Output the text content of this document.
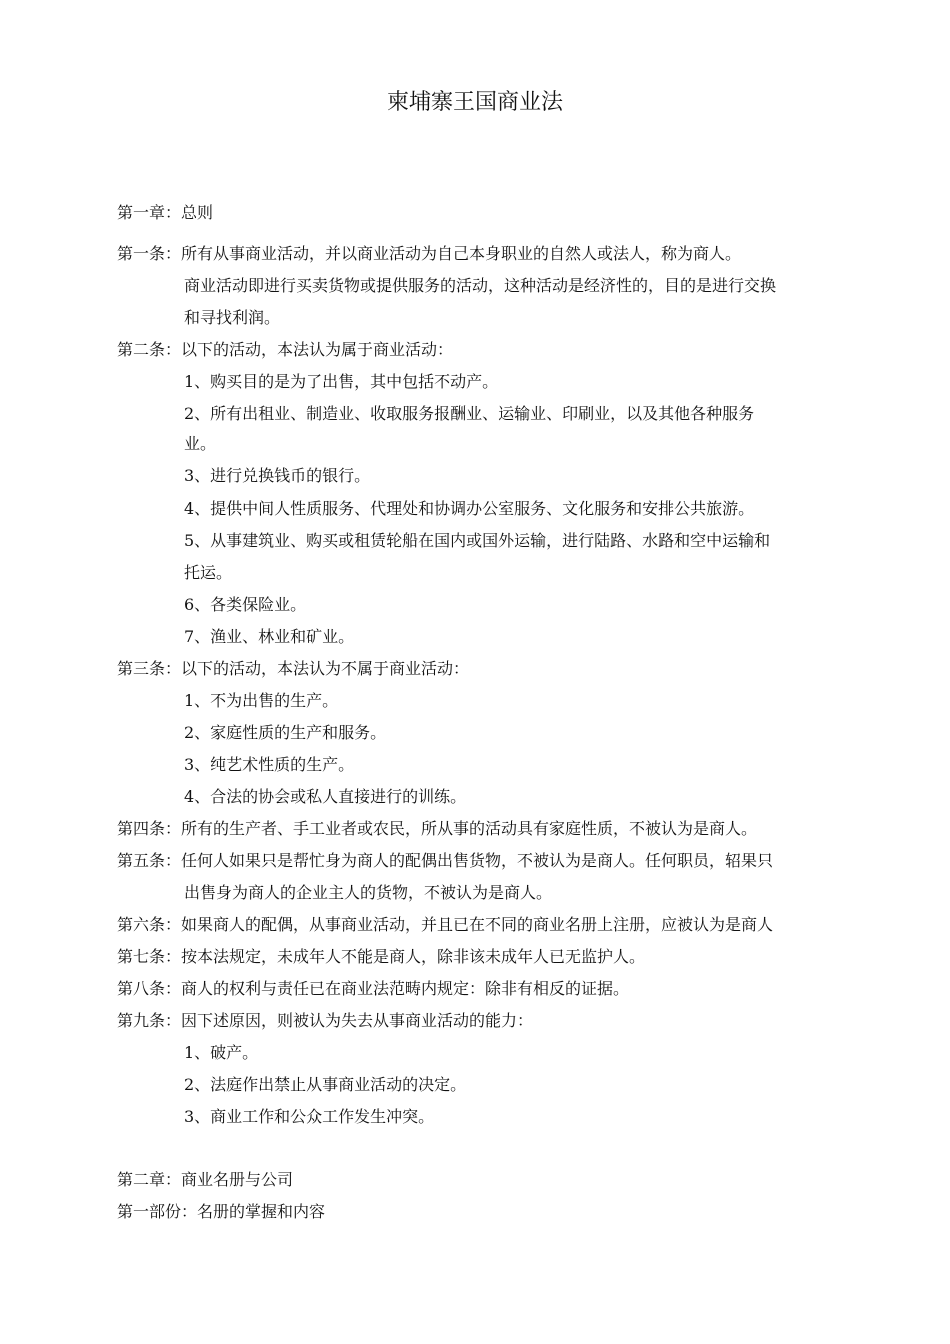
柬埔寨王国商业法
第一章：总则
第一条：所有从事商业活动，并以商业活动为自己本身职业的自然人或法人，称为商人。
商业活动即进行买卖货物或提供服务的活动，这种活动是经济性的，目的是进行交换
和寻找利润。
第二条：以下的活动，本法认为属于商业活动：
1、购买目的是为了出售，其中包括不动产。
2、所有出租业、制造业、收取服务报酬业、运输业、印刷业，以及其他各种服务
业。
3、进行兑换钱币的银行。
4、提供中间人性质服务、代理处和协调办公室服务、文化服务和安排公共旅游。
5、从事建筑业、购买或租赁轮船在国内或国外运输，进行陆路、水路和空中运输和
托运。
6、各类保险业。
7、渔业、林业和矿业。
第三条：以下的活动，本法认为不属于商业活动：
1、不为出售的生产。
2、家庭性质的生产和服务。
3、纯艺术性质的生产。
4、合法的协会或私人直接进行的训练。
第四条：所有的生产者、手工业者或农民，所从事的活动具有家庭性质，不被认为是商人。
第五条：任何人如果只是帮忙身为商人的配偶出售货物，不被认为是商人。任何职员，轺果只
出售身为商人的企业主人的货物，不被认为是商人。
第六条：如果商人的配偶，从事商业活动，并且已在不同的商业名册上注册，应被认为是商人
第七条：按本法规定，未成年人不能是商人，除非该未成年人已无监护人。
第八条：商人的权利与责任已在商业法范畴内规定：除非有相反的证据。
第九条：因下述原因，则被认为失去从事商业活动的能力：
1、破产。
2、法庭作出禁止从事商业活动的决定。
3、商业工作和公众工作发生冲突。
第二章：商业名册与公司
第一部份：名册的掌握和内容
